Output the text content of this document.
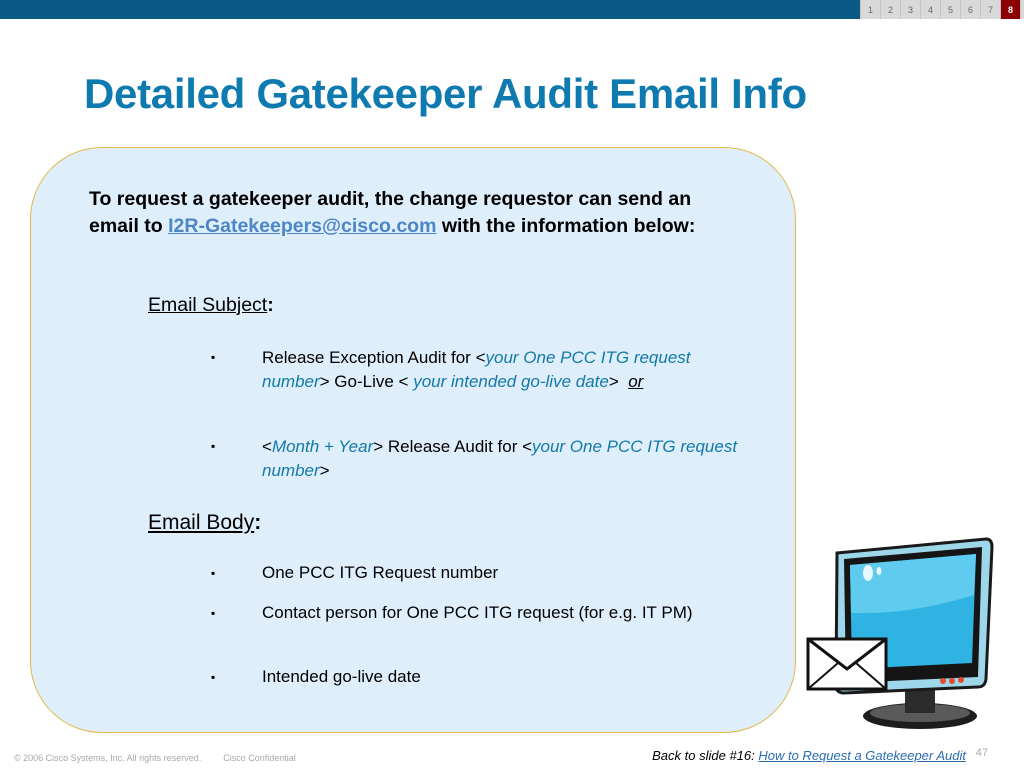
1	2	3	4	5	6	7	8
Detailed Gatekeeper Audit Email Info
To request a gatekeeper audit, the change requestor can send an email to I2R-Gatekeepers@cisco.com with the information below:
Email Subject:
▪	Release Exception Audit for <your One PCC ITG request number> Go-Live < your intended go-live date>  or
▪	<Month + Year> Release Audit for <your One PCC ITG request number>
Email Body:
▪	One PCC ITG Request number
▪	Contact person for One PCC ITG request (for e.g. IT PM)
▪	Intended go-live date
© 2006 Cisco Systems, Inc. All rights reserved. Cisco Confidential	Back to slide #16: How to Request a Gatekeeper Audit 47
